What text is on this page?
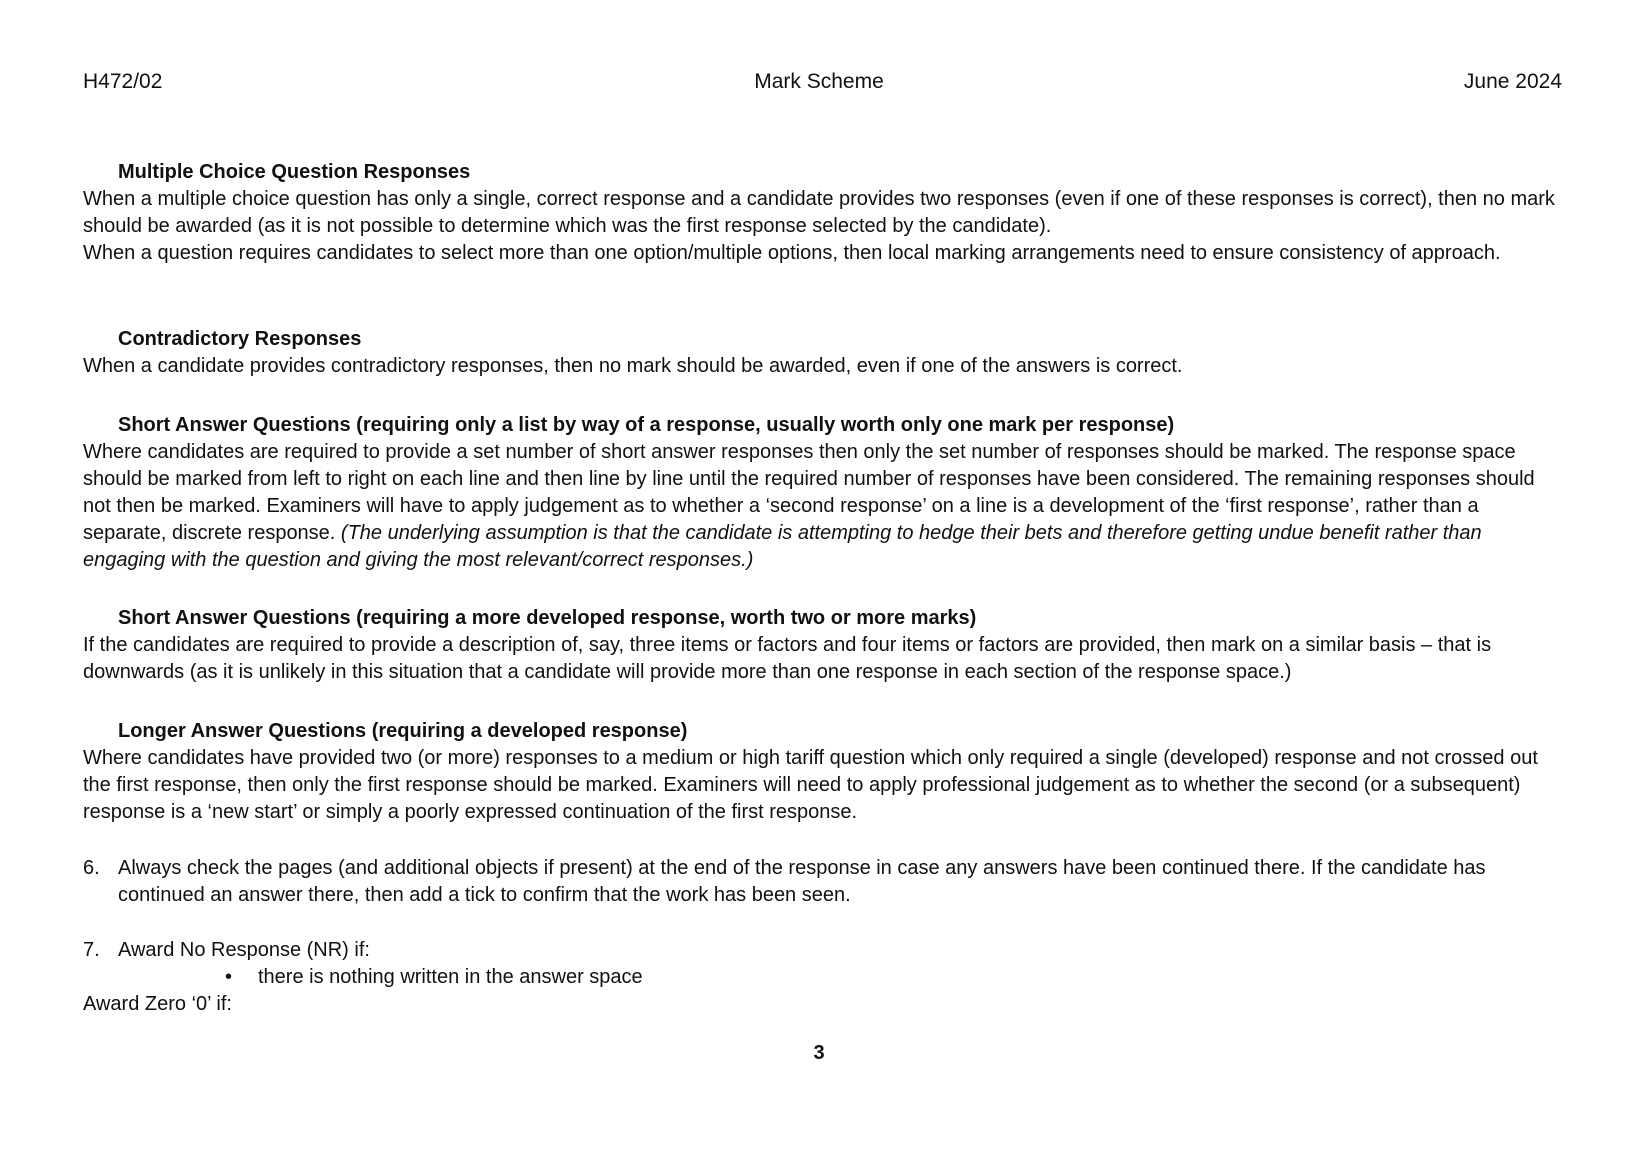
H472/02	Mark Scheme	June 2024

Multiple Choice Question Responses

When a multiple choice question has only a single, correct response and a candidate provides two responses (even if one of these responses is correct), then no mark should be awarded (as it is not possible to determine which was the first response selected by the candidate).

When a question requires candidates to select more than one option/multiple options, then local marking arrangements need to ensure consistency of approach.

Contradictory Responses

When a candidate provides contradictory responses, then no mark should be awarded, even if one of the answers is correct.

Short Answer Questions (requiring only a list by way of a response, usually worth only one mark per response)

Where candidates are required to provide a set number of short answer responses then only the set number of responses should be marked. The response space should be marked from left to right on each line and then line by line until the required number of responses have been considered. The remaining responses should not then be marked. Examiners will have to apply judgement as to whether a ‘second response’ on a line is a development of the ‘first response’, rather than a separate, discrete response. (The underlying assumption is that the candidate is attempting to hedge their bets and therefore getting undue benefit rather than engaging with the question and giving the most relevant/correct responses.)

Short Answer Questions (requiring a more developed response, worth two or more marks)

If the candidates are required to provide a description of, say, three items or factors and four items or factors are provided, then mark on a similar basis – that is downwards (as it is unlikely in this situation that a candidate will provide more than one response in each section of the response space.)

Longer Answer Questions (requiring a developed response)

Where candidates have provided two (or more) responses to a medium or high tariff question which only required a single (developed) response and not crossed out the first response, then only the first response should be marked. Examiners will need to apply professional judgement as to whether the second (or a subsequent) response is a ‘new start’ or simply a poorly expressed continuation of the first response.

6. Always check the pages (and additional objects if present) at the end of the response in case any answers have been continued there. If the candidate has continued an answer there, then add a tick to confirm that the work has been seen.
7. Award No Response (NR) if:
•	there is nothing written in the answer space

Award Zero ‘0’ if:

3
